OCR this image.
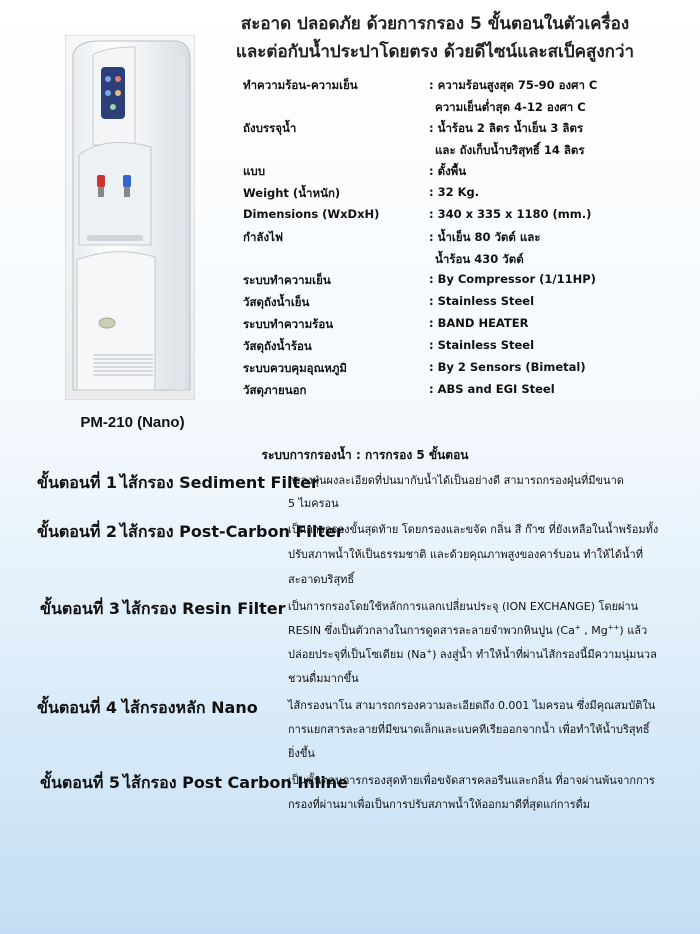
สะอาด ปลอดภัย ด้วยการกรอง 5 ขั้นตอนในตัวเครื่อง
และต่อกับน้ำประปาโดยตรง ด้วยดีไซน์และสเป็คสูงกว่า
PM-210 (Nano)
ทำความร้อน-ความเย็น	: ความร้อนสูงสุด 75-90 องศา C
ความเย็นต่ำสุด 4-12 องศา C
ถังบรรจุน้ำ	: น้ำร้อน 2 ลิตร น้ำเย็น 3 ลิตร
และ ถังเก็บน้ำบริสุทธิ์ 14 ลิตร
แบบ	: ตั้งพื้น
Weight (น้ำหนัก)	: 32 Kg.
Dimensions (WxDxH)	: 340 x 335 x 1180 (mm.)
กำลังไฟ	: น้ำเย็น 80 วัตต์ และ
น้ำร้อน 430 วัตต์
ระบบทำความเย็น	: By Compressor (1/11HP)
วัสดุถังน้ำเย็น	: Stainless Steel
ระบบทำความร้อน	: BAND HEATER
วัสดุถังน้ำร้อน	: Stainless Steel
ระบบควบคุมอุณหภูมิ	: By 2 Sensors (Bimetal)
วัสดุภายนอก	: ABS and EGI Steel
ระบบการกรองน้ำ : การกรอง 5 ขั้นตอน
ขั้นตอนที่ 1 ไส้กรอง Sediment Filter
กรองฝุ่นผงละเอียดที่ปนมากับน้ำได้เป็นอย่างดี สามารถกรองฝุ่นที่มีขนาด
5 ไมครอน
ขั้นตอนที่ 2 ไส้กรอง Post-Carbon Filter
เป็นการกรองขั้นสุดท้าย โดยกรองและขจัด กลิ่น สี ก๊าซ ที่ยังเหลือในน้ำพร้อมทั้ง
ปรับสภาพน้ำให้เป็นธรรมชาติ และด้วยคุณภาพสูงของคาร์บอน ทำให้ได้น้ำที่
สะอาดบริสุทธิ์
ขั้นตอนที่ 3 ไส้กรอง Resin Filter เป็นการกรองโดยใช้หลักการแลกเปลี่ยนประจุ (ION EXCHANGE) โดยผ่าน
RESIN ซึ่งเป็นตัวกลางในการดูดสารละลายจำพวกหินปูน (Ca+ , Mg++) แล้ว
ปล่อยประจุที่เป็นโซเดียม (Na+) ลงสู่น้ำ ทำให้น้ำที่ผ่านไส้กรองนี้มีความนุ่มนวล
ชวนดื่มมากขึ้น
ขั้นตอนที่ 4 ไส้กรองหลัก Nano	ไส้กรองนาโน สามารถกรองความละเอียดถึง 0.001 ไมครอน ซึ่งมีคุณสมบัติใน
การแยกสารละลายที่มีขนาดเล็กและแบคทีเรียออกจากน้ำ เพื่อทำให้น้ำบริสุทธิ์
ยิ่งขึ้น
ขั้นตอนที่ 5 ไส้กรอง Post Carbon Inline
เป็นขั้นตอนการกรองสุดท้ายเพื่อขจัดสารคลอรีนและกลิ่น ที่อาจผ่านพ้นจากการ
กรองที่ผ่านมาเพื่อเป็นการปรับสภาพน้ำให้ออกมาดีที่สุดแก่การดื่ม
